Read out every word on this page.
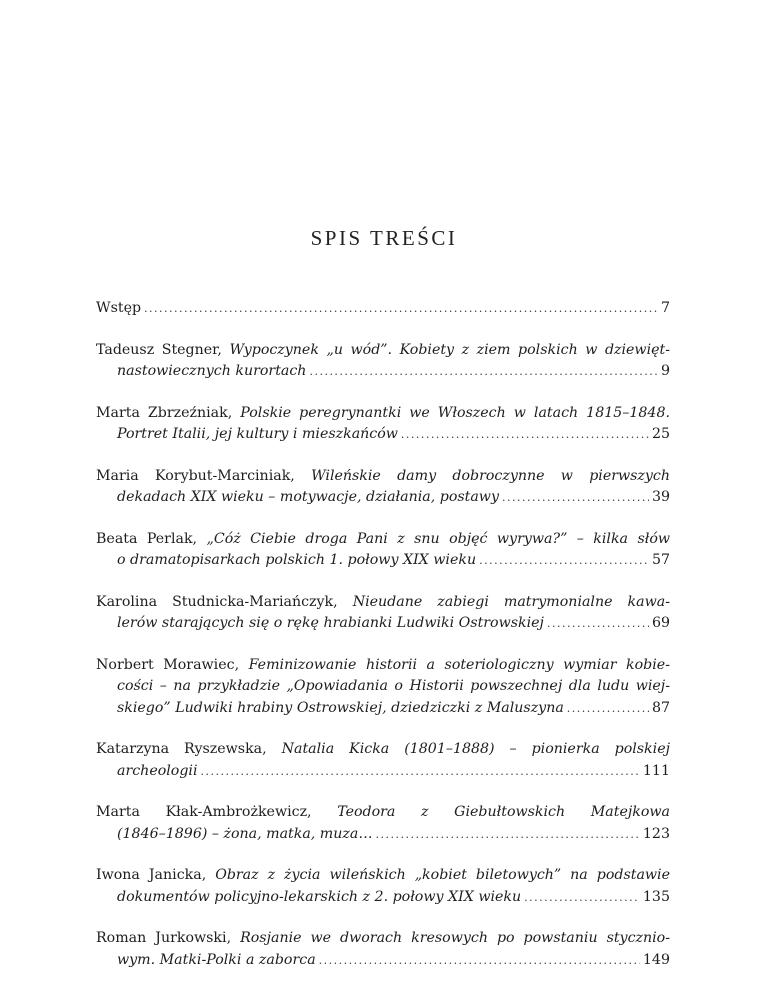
SPIS TREŚCI
Wstęp .....	7
Tadeusz Stegner, Wypoczynek „u wód”. Kobiety z ziem polskich w dziewięt-
nastowiecznych kurortach .....	9
Marta Zbrzeźniak, Polskie peregrynantki we Włoszech w latach 1815–1848.
Portret Italii, jej kultury i mieszkańców .....	25
Maria Korybut-Marciniak, Wileńskie damy dobroczynne w pierwszych
dekadach XIX wieku – motywacje, działania, postawy .....	39
Beata Perlak, „Cóż Ciebie droga Pani z snu objęć wyrywa?” – kilka słów
o dramatopisarkach polskich 1. połowy XIX wieku .....	57
Karolina Studnicka-Mariańczyk, Nieudane zabiegi matrymonialne kawa-
lerów starających się o rękę hrabianki Ludwiki Ostrowskiej .....	69
Norbert Morawiec, Feminizowanie historii a soteriologiczny wymiar kobie-
cości – na przykładzie „Opowiadania o Historii powszechnej dla ludu wiej-
skiego” Ludwiki hrabiny Ostrowskiej, dziedziczki z Maluszyna .....	87
Katarzyna Ryszewska, Natalia Kicka (1801–1888) – pionierka polskiej
archeologii .....	111
Marta Kłak-Ambrożkewicz, Teodora z Giebułtowskich Matejkowa
(1846–1896) – żona, matka, muza… .....	123
Iwona Janicka, Obraz z życia wileńskich „kobiet biletowych” na podstawie
dokumentów policyjno-lekarskich z 2. połowy XIX wieku .....	135
Roman Jurkowski, Rosjanie we dworach kresowych po powstaniu stycznio-
wym. Matki-Polki a zaborca .....	149
